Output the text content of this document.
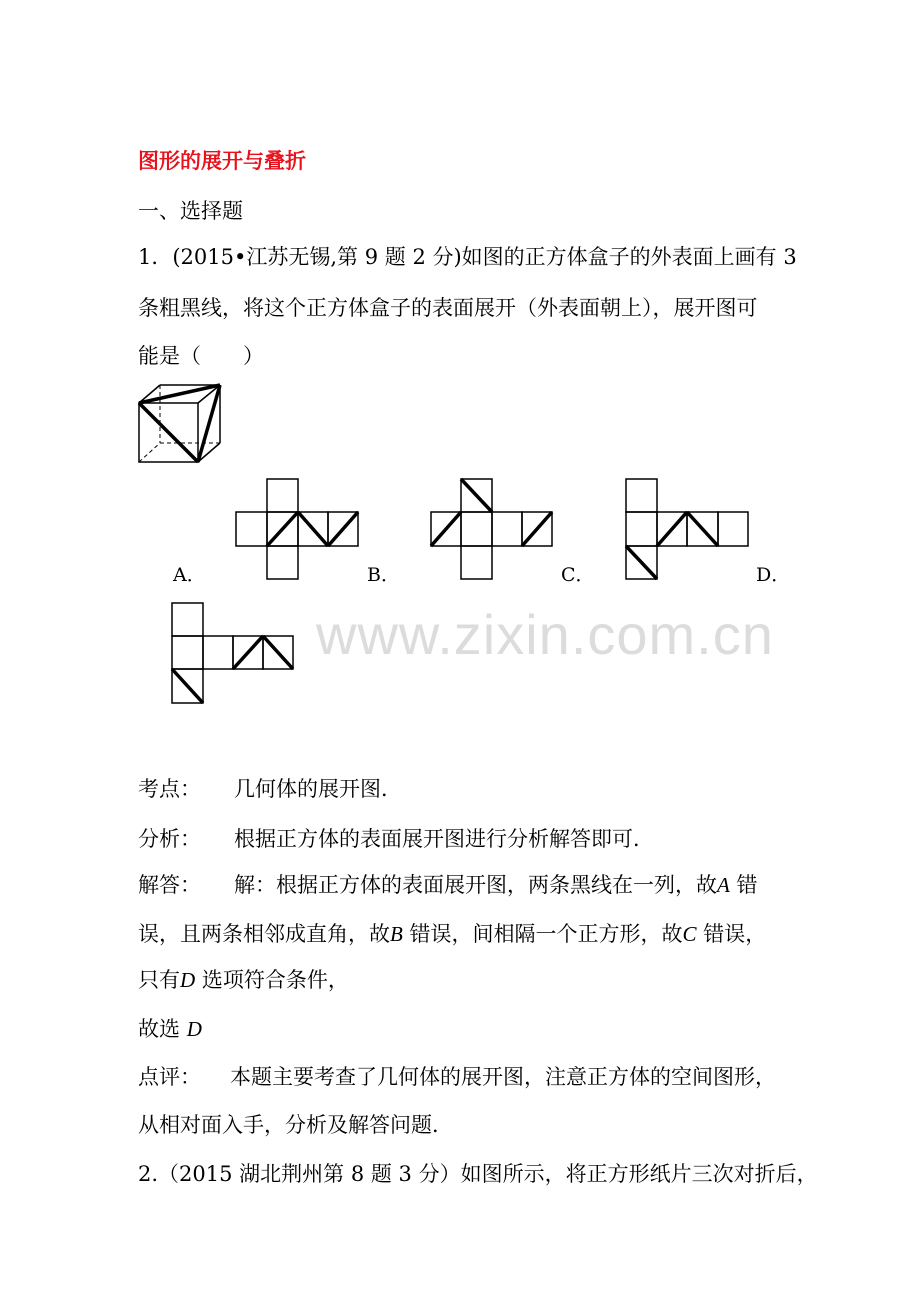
图形的展开与叠折
一、选择题
1．(2015•江苏无锡,第 9 题 2 分)如图的正方体盒子的外表面上画有 3
条粗黑线，将这个正方体盒子的表面展开（外表面朝上），展开图可
能是（　　）
A．	B．	C．	D．
www.zixin.com.cn
考点： 几何体的展开图．
分析： 根据正方体的表面展开图进行分析解答即可．
解答： 解：根据正方体的表面展开图，两条黑线在一列，故A 错
误，且两条相邻成直角，故B 错误，间相隔一个正方形，故C 错误，
只有D 选项符合条件，
故选 D
点评： 本题主要考查了几何体的展开图，注意正方体的空间图形，
从相对面入手，分析及解答问题．
2.（2015 湖北荆州第 8 题 3 分）如图所示，将正方形纸片三次对折后，
